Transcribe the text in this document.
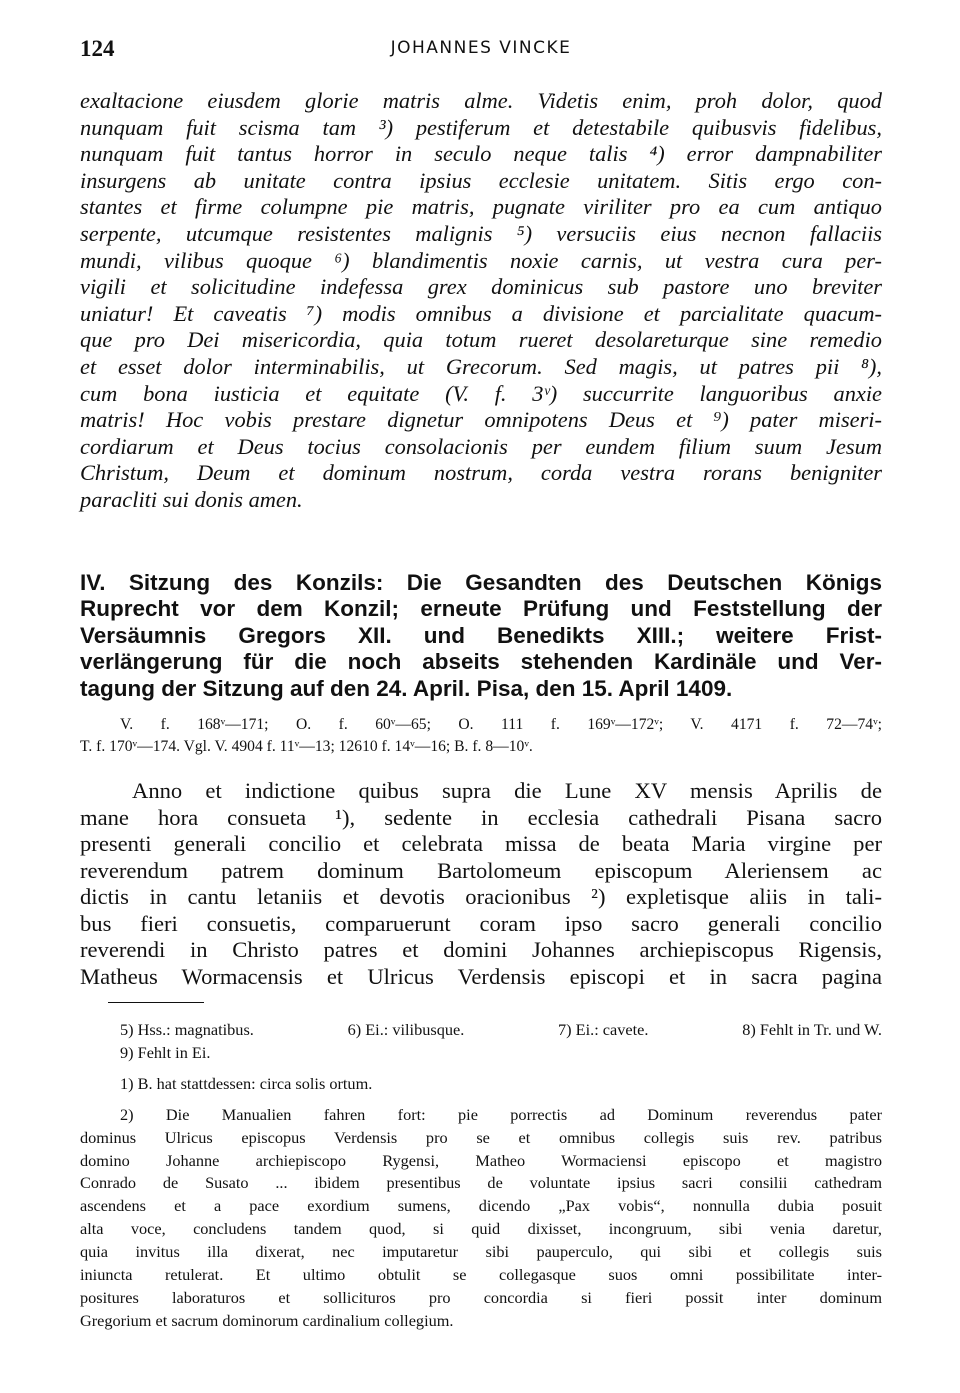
124	JOHANNES VINCKE

exaltacione eiusdem glorie matris alme. Videtis enim, proh dolor, quod

nunquam fuit scisma tam ³) pestiferum et detestabile quibusvis fidelibus,

nunquam fuit tantus horror in seculo neque talis ⁴) error dampnabiliter

insurgens ab unitate contra ipsius ecclesie unitatem. Sitis ergo con-

stantes et firme columpne pie matris, pugnate viriliter pro ea cum antiquo

serpente, utcumque resistentes malignis ⁵) versuciis eius necnon fallaciis

mundi, vilibus quoque ⁶) blandimentis noxie carnis, ut vestra cura per-

vigili et solicitudine indefessa grex dominicus sub pastore uno breviter

uniatur! Et caveatis ⁷) modis omnibus a divisione et parcialitate quacum-

que pro Dei misericordia, quia totum rueret desolareturque sine remedio

et esset dolor interminabilis, ut Grecorum. Sed magis, ut patres pii ⁸),

cum bona iusticia et equitate (V. f. 3ᵛ) succurrite languoribus anxie

matris! Hoc vobis prestare dignetur omnipotens Deus et ⁹) pater miseri-

cordiarum et Deus tocius consolacionis per eundem filium suum Jesum

Christum, Deum et dominum nostrum, corda vestra rorans benigniter

paracliti sui donis amen.

IV. Sitzung des Konzils: Die Gesandten des Deutschen Königs

Ruprecht vor dem Konzil; erneute Prüfung und Feststellung der

Versäumnis Gregors XII. und Benedikts XIII.; weitere Frist-

verlängerung für die noch abseits stehenden Kardinäle und Ver-

tagung der Sitzung auf den 24. April. Pisa, den 15. April 1409.

V. f. 168ᵛ—171; O. f. 60ᵛ—65; O. 111 f. 169ᵛ—172ᵛ; V. 4171 f. 72—74ᵛ;

T. f. 170ᵛ—174. Vgl. V. 4904 f. 11ᵛ—13; 12610 f. 14ᵛ—16; B. f. 8—10ᵛ.

Anno et indictione quibus supra die Lune XV mensis Aprilis de

mane hora consueta ¹), sedente in ecclesia cathedrali Pisana sacro

presenti generali concilio et celebrata missa de beata Maria virgine per

reverendum patrem dominum Bartolomeum episcopum Aleriensem ac

dictis in cantu letaniis et devotis oracionibus ²) expletisque aliis in tali-

bus fieri consuetis, comparuerunt coram ipso sacro generali concilio

reverendi in Christo patres et domini Johannes archiepiscopus Rigensis,

Matheus Wormacensis et Ulricus Verdensis episcopi et in sacra pagina

5) Hss.: magnatibus.	6) Ei.: vilibusque.	7) Ei.: cavete.	8) Fehlt in Tr. und W.

9) Fehlt in Ei.

1) B. hat stattdessen: circa solis ortum.

2) Die Manualien fahren fort: pie porrectis ad Dominum reverendus pater

dominus Ulricus episcopus Verdensis pro se et omnibus collegis suis rev. patribus

domino Johanne archiepiscopo Rygensi, Matheo Wormaciensi episcopo et magistro

Conrado de Susato ... ibidem presentibus de voluntate ipsius sacri consilii cathedram

ascendens et a pace exordium sumens, dicendo „Pax vobis“, nonnulla dubia posuit

alta voce, concludens tandem quod, si quid dixisset, incongruum, sibi venia daretur,

quia invitus illa dixerat, nec imputaretur sibi pauperculo, qui sibi et collegis suis

iniuncta retulerat. Et ultimo obtulit se collegasque suos omni possibilitate inter-

positures laboraturos et sollicituros pro concordia si fieri possit inter dominum

Gregorium et sacrum dominorum cardinalium collegium.
